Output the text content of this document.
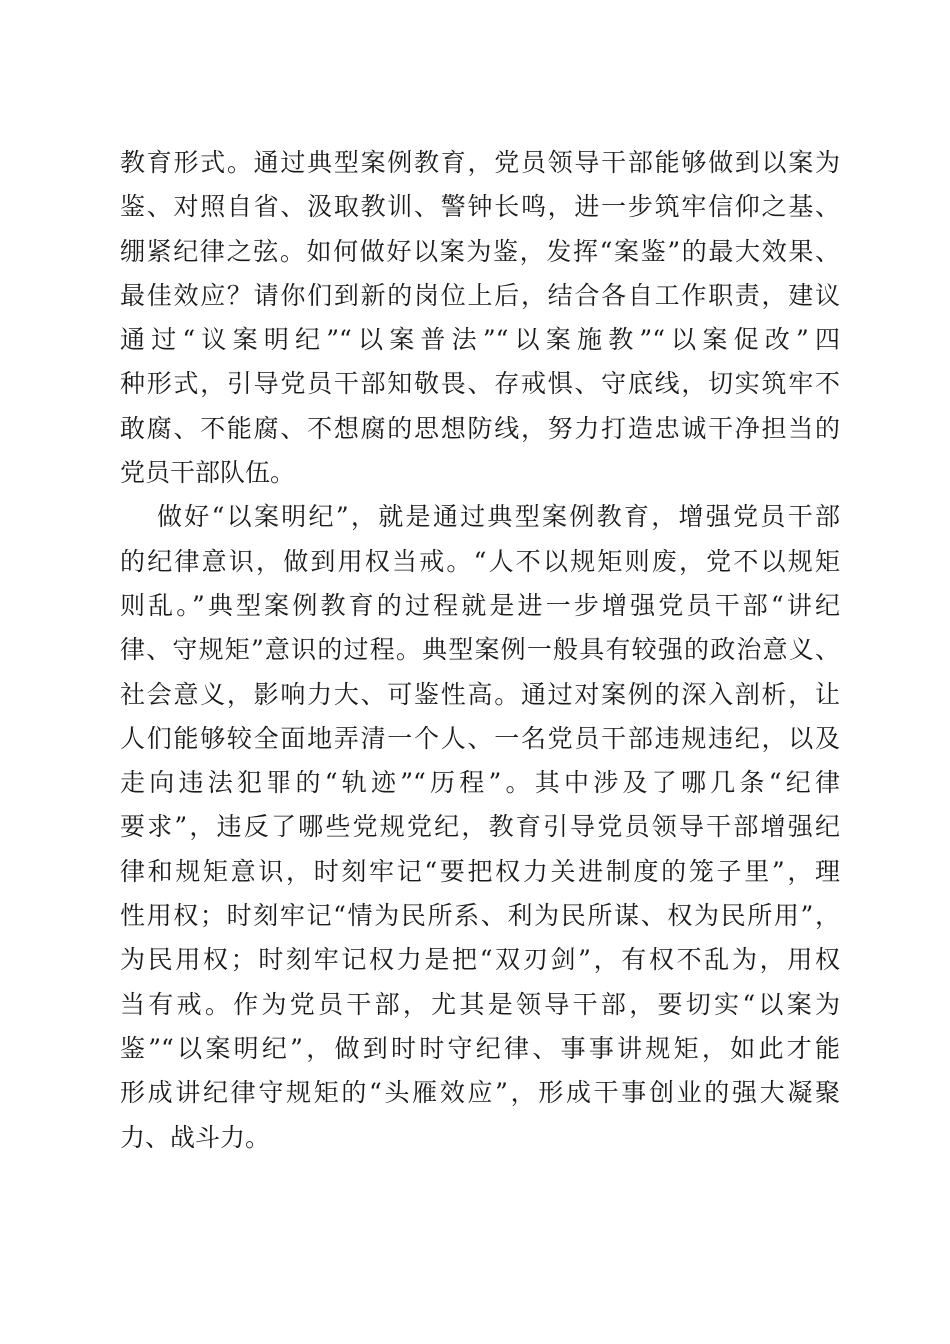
教育形式。通过典型案例教育，党员领导干部能够做到以案为
鉴、对照自省、汲取教训、警钟长鸣，进一步筑牢信仰之基、
绷紧纪律之弦。如何做好以案为鉴，发挥“案鉴”的最大效果、
最佳效应？请你们到新的岗位上后，结合各自工作职责，建议
通过“议案明纪”“以案普法”“以案施教”“以案促改”四
种形式，引导党员干部知敬畏、存戒惧、守底线，切实筑牢不
敢腐、不能腐、不想腐的思想防线，努力打造忠诚干净担当的
党员干部队伍。
做好“以案明纪”，就是通过典型案例教育，增强党员干部
的纪律意识，做到用权当戒。“人不以规矩则废，党不以规矩
则乱。”典型案例教育的过程就是进一步增强党员干部“讲纪
律、守规矩”意识的过程。典型案例一般具有较强的政治意义、
社会意义，影响力大、可鉴性高。通过对案例的深入剖析，让
人们能够较全面地弄清一个人、一名党员干部违规违纪，以及
走向违法犯罪的“轨迹”“历程”。其中涉及了哪几条“纪律
要求”，违反了哪些党规党纪，教育引导党员领导干部增强纪
律和规矩意识，时刻牢记“要把权力关进制度的笼子里”，理
性用权；时刻牢记“情为民所系、利为民所谋、权为民所用”，
为民用权；时刻牢记权力是把“双刃剑”，有权不乱为，用权
当有戒。作为党员干部，尤其是领导干部，要切实“以案为
鉴”“以案明纪”，做到时时守纪律、事事讲规矩，如此才能
形成讲纪律守规矩的“头雁效应”，形成干事创业的强大凝聚
力、战斗力。
